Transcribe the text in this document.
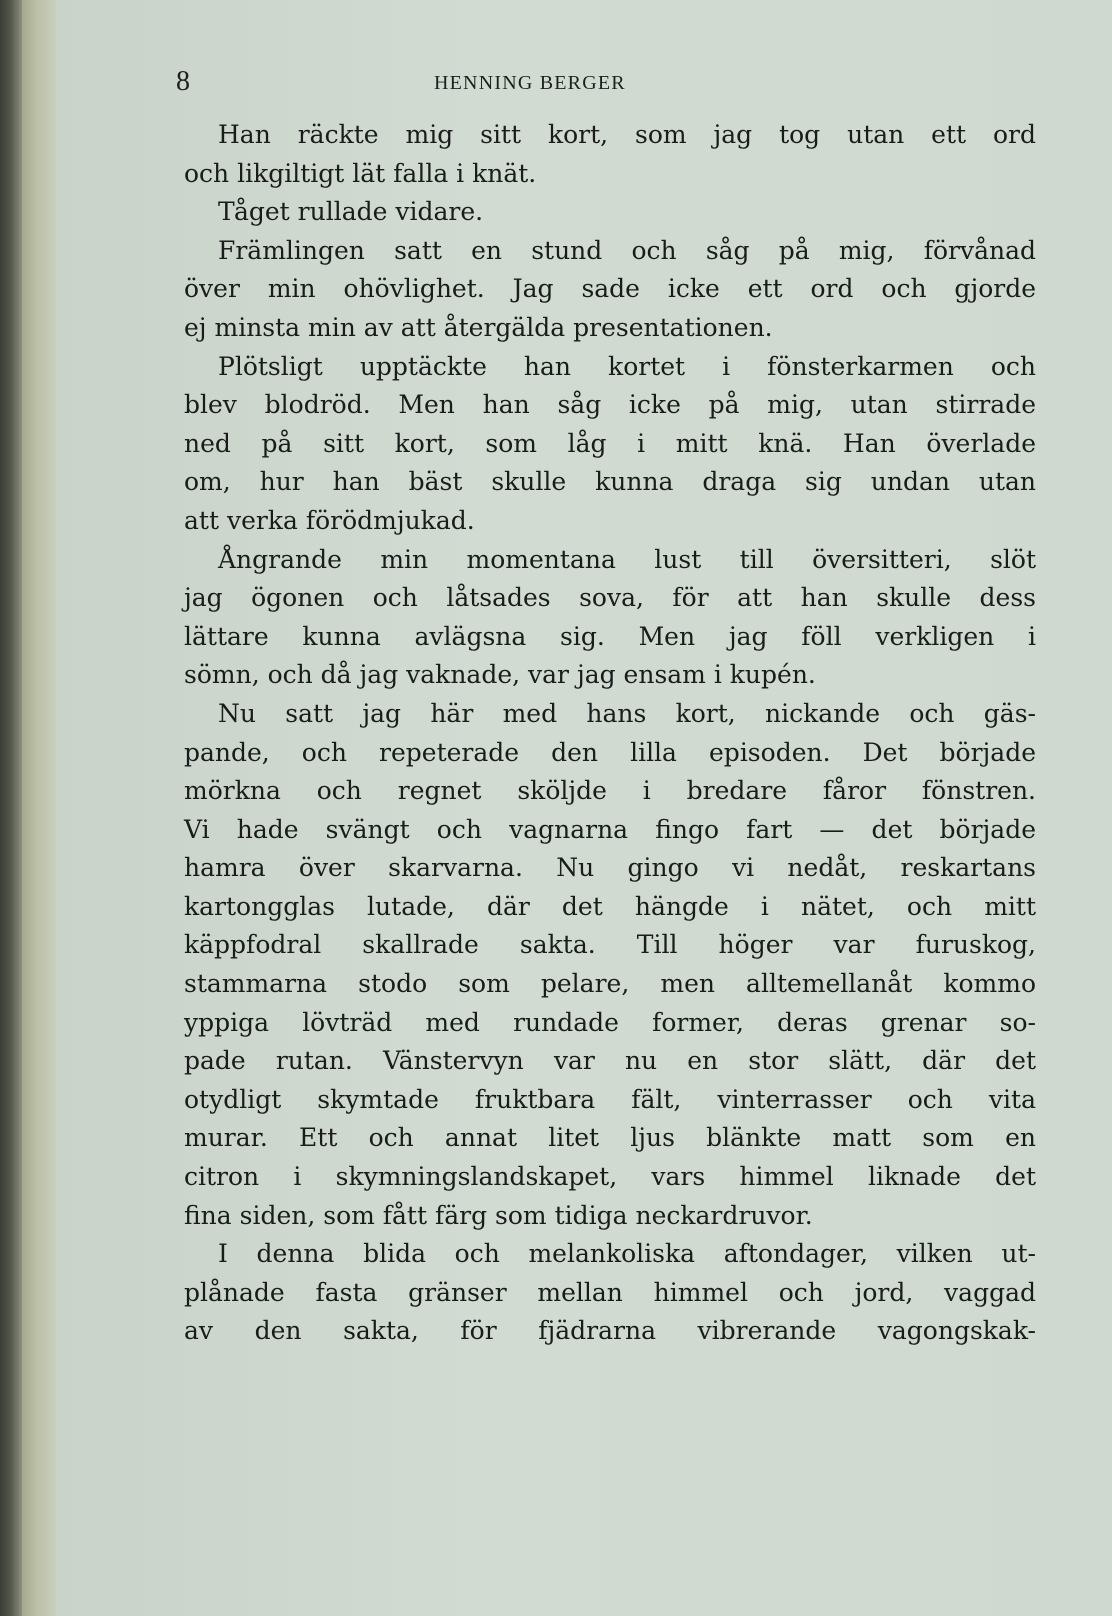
8	HENNING BERGER
Han räckte mig sitt kort, som jag tog utan ett ord
och likgiltigt lät falla i knät.
Tåget rullade vidare.
Främlingen satt en stund och såg på mig, förvånad
över min ohövlighet. Jag sade icke ett ord och gjorde
ej minsta min av att återgälda presentationen.
Plötsligt upptäckte han kortet i fönsterkarmen och
blev blodröd. Men han såg icke på mig, utan stirrade
ned på sitt kort, som låg i mitt knä. Han överlade
om, hur han bäst skulle kunna draga sig undan utan
att verka förödmjukad.
Ångrande min momentana lust till översitteri, slöt
jag ögonen och låtsades sova, för att han skulle dess
lättare kunna avlägsna sig. Men jag föll verkligen i
sömn, och då jag vaknade, var jag ensam i kupén.
Nu satt jag här med hans kort, nickande och gäs-
pande, och repeterade den lilla episoden. Det började
mörkna och regnet sköljde i bredare fåror fönstren.
Vi hade svängt och vagnarna fingo fart — det började
hamra över skarvarna. Nu gingo vi nedåt, reskartans
kartongglas lutade, där det hängde i nätet, och mitt
käppfodral skallrade sakta. Till höger var furuskog,
stammarna stodo som pelare, men alltemellanåt kommo
yppiga lövträd med rundade former, deras grenar so-
pade rutan. Vänstervyn var nu en stor slätt, där det
otydligt skymtade fruktbara fält, vinterrasser och vita
murar. Ett och annat litet ljus blänkte matt som en
citron i skymningslandskapet, vars himmel liknade det
fina siden, som fått färg som tidiga neckardruvor.
I denna blida och melankoliska aftondager, vilken ut-
plånade fasta gränser mellan himmel och jord, vaggad
av den sakta, för fjädrarna vibrerande vagongskak-
